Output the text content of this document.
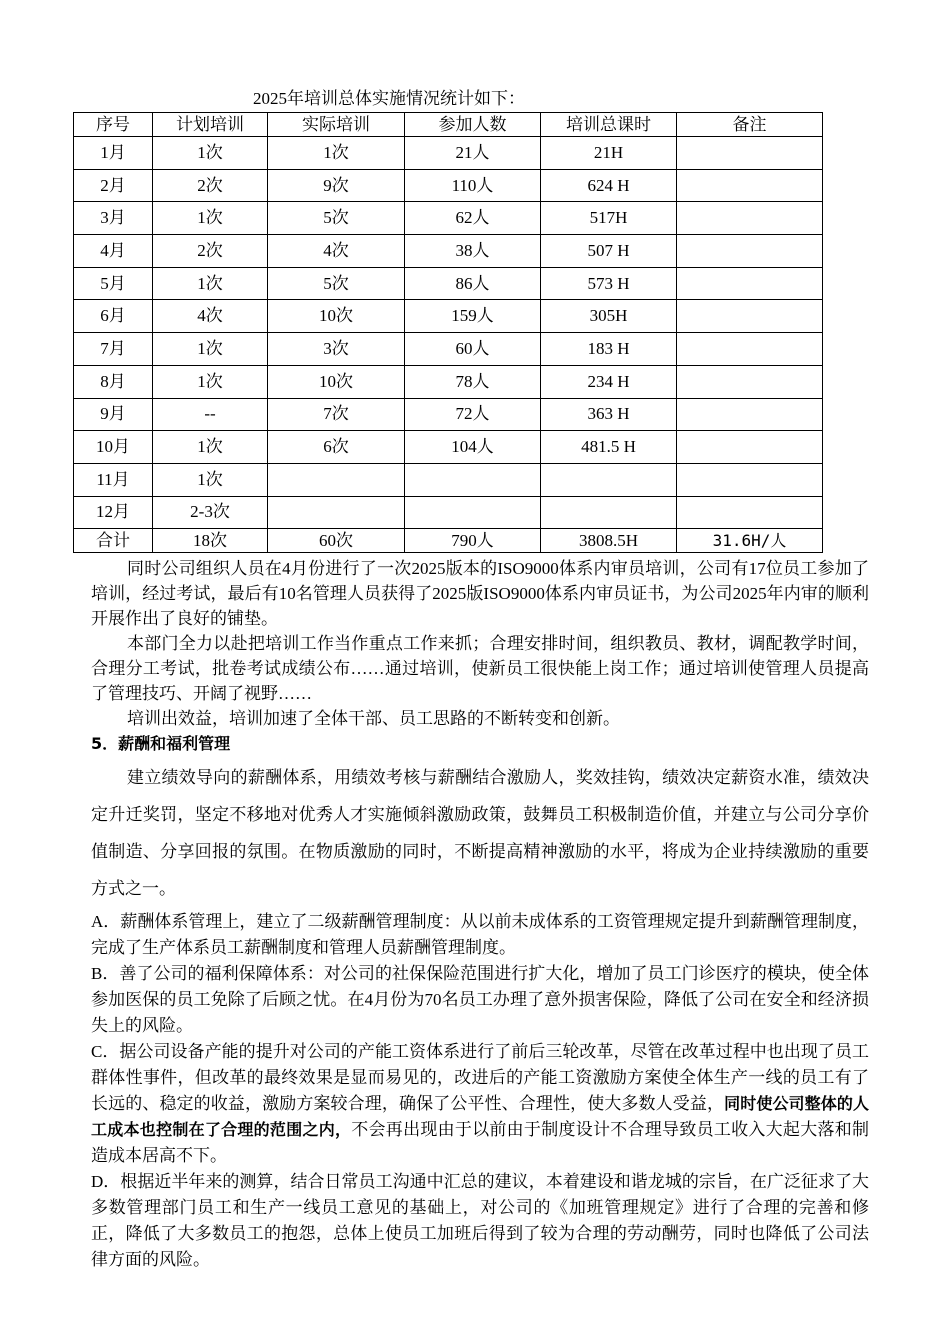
2025年培训总体实施情况统计如下：
序号	计划培训	实际培训	参加人数	培训总课时	备注
1月	1次	1次	21人	21H	
2月	2次	9次	110人	624 H	
3月	1次	5次	62人	517H	
4月	2次	4次	38人	507 H	
5月	1次	5次	86人	573 H	
6月	4次	10次	159人	305H	
7月	1次	3次	60人	183 H	
8月	1次	10次	78人	234 H	
9月	--	7次	72人	363 H	
10月	1次	6次	104人	481.5 H	
11月	1次				
12月	2-3次				
合计	18次	60次	790人	3808.5H	31.6H/人

同时公司组织人员在4月份进行了一次2025版本的ISO9000体系内审员培训，公司有17位员工参加了培训，经过考试，最后有10名管理人员获得了2025版ISO9000体系内审员证书，为公司2025年内审的顺利开展作出了良好的铺垫。

本部门全力以赴把培训工作当作重点工作来抓；合理安排时间，组织教员、教材，调配教学时间，合理分工考试，批卷考试成绩公布……通过培训，使新员工很快能上岗工作；通过培训使管理人员提高了管理技巧、开阔了视野……

培训出效益，培训加速了全体干部、员工思路的不断转变和创新。

5．薪酬和福利管理

建立绩效导向的薪酬体系，用绩效考核与薪酬结合激励人，奖效挂钩，绩效决定薪资水准，绩效决定升迁奖罚，坚定不移地对优秀人才实施倾斜激励政策，鼓舞员工积极制造价值，并建立与公司分享价值制造、分享回报的氛围。在物质激励的同时，不断提高精神激励的水平，将成为企业持续激励的重要方式之一。

A．薪酬体系管理上，建立了二级薪酬管理制度：从以前未成体系的工资管理规定提升到薪酬管理制度，完成了生产体系员工薪酬制度和管理人员薪酬管理制度。

B．善了公司的福利保障体系：对公司的社保保险范围进行扩大化，增加了员工门诊医疗的模块，使全体参加医保的员工免除了后顾之忧。在4月份为70名员工办理了意外损害保险，降低了公司在安全和经济损失上的风险。

C．据公司设备产能的提升对公司的产能工资体系进行了前后三轮改革，尽管在改革过程中也出现了员工群体性事件，但改革的最终效果是显而易见的，改进后的产能工资激励方案使全体生产一线的员工有了长远的、稳定的收益，激励方案较合理，确保了公平性、合理性，使大多数人受益，同时使公司整体的人工成本也控制在了合理的范围之内，不会再出现由于以前由于制度设计不合理导致员工收入大起大落和制造成本居高不下。

D．根据近半年来的测算，结合日常员工沟通中汇总的建议，本着建设和谐龙城的宗旨，在广泛征求了大多数管理部门员工和生产一线员工意见的基础上，对公司的《加班管理规定》进行了合理的完善和修正，降低了大多数员工的抱怨，总体上使员工加班后得到了较为合理的劳动酬劳，同时也降低了公司法律方面的风险。
